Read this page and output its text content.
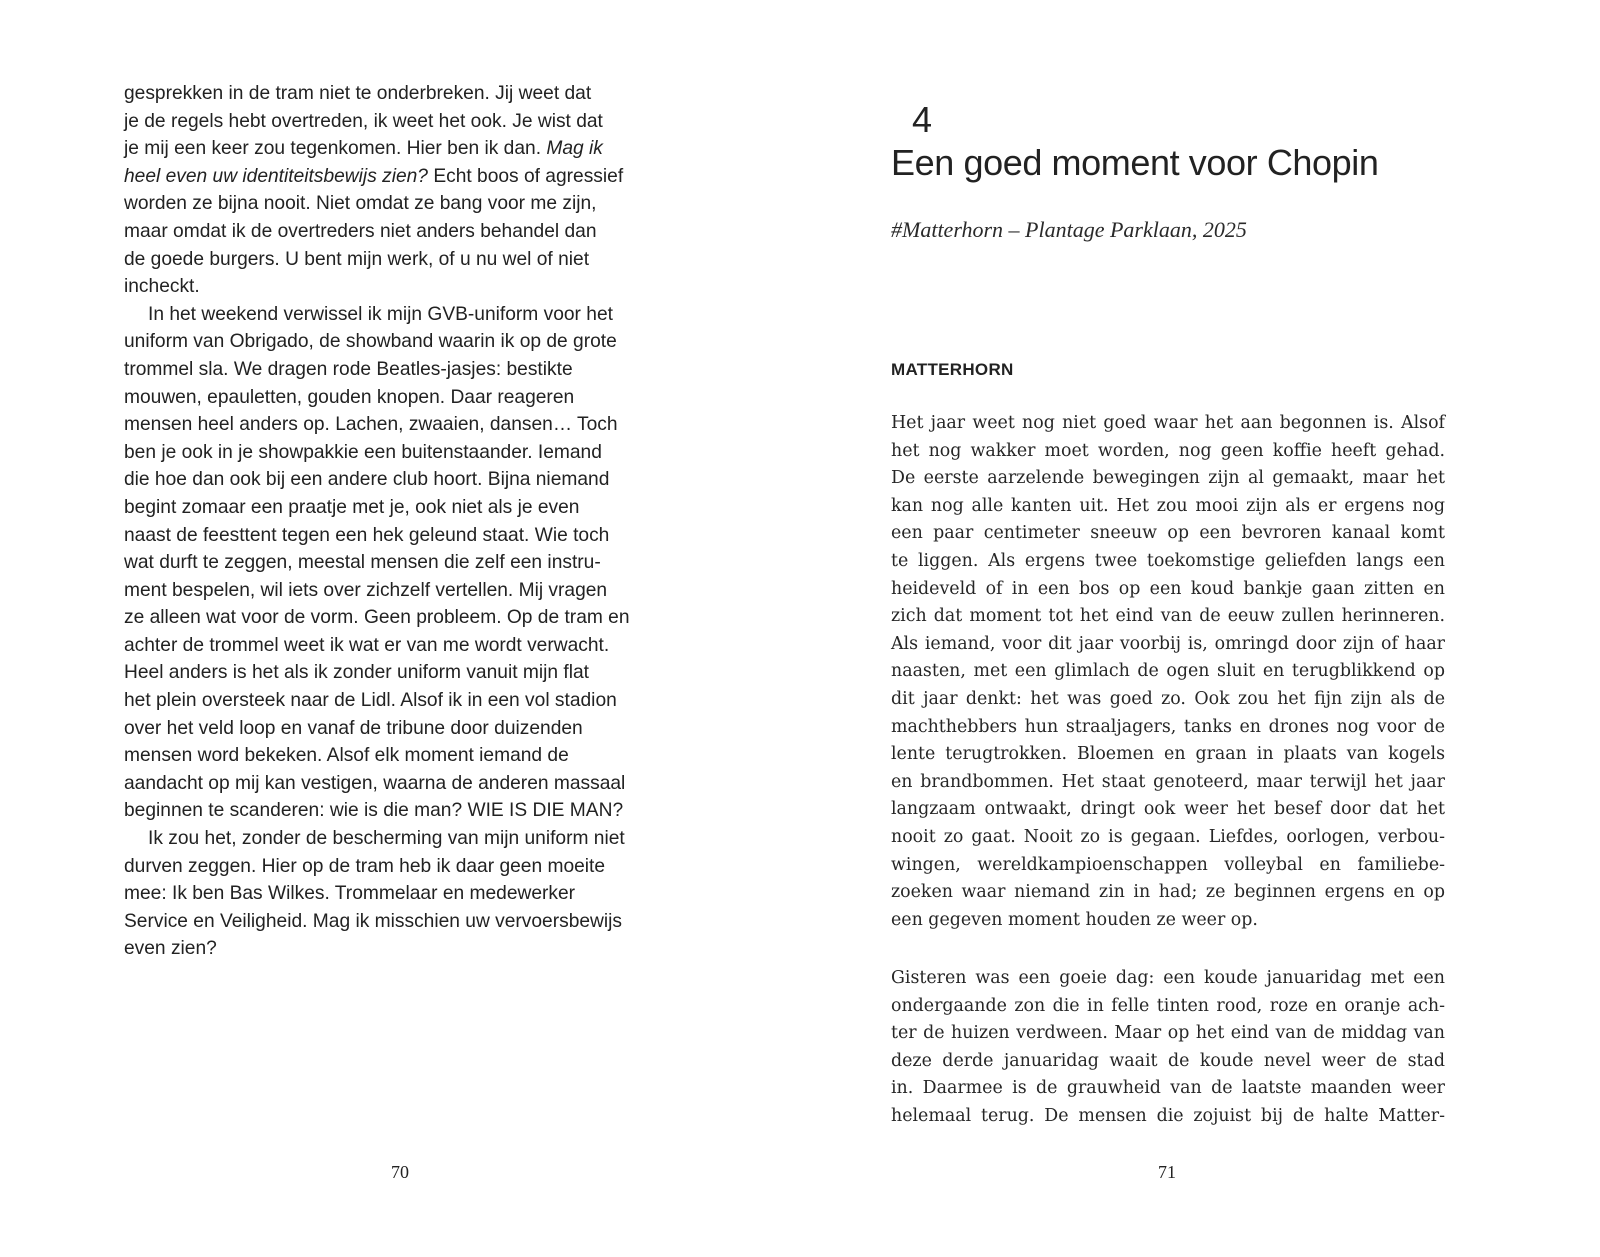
gesprekken in de tram niet te onderbreken. Jij weet dat
je de regels hebt overtreden, ik weet het ook. Je wist dat
je mij een keer zou tegenkomen. Hier ben ik dan. Mag ik
heel even uw identiteitsbewijs zien? Echt boos of agressief
worden ze bijna nooit. Niet omdat ze bang voor me zijn,
maar omdat ik de overtreders niet anders behandel dan
de goede burgers. U bent mijn werk, of u nu wel of niet
incheckt.
In het weekend verwissel ik mijn GVB-uniform voor het
uniform van Obrigado, de showband waarin ik op de grote
trommel sla. We dragen rode Beatles-jasjes: bestikte
mouwen, epauletten, gouden knopen. Daar reageren
mensen heel anders op. Lachen, zwaaien, dansen… Toch
ben je ook in je showpakkie een buitenstaander. Iemand
die hoe dan ook bij een andere club hoort. Bijna niemand
begint zomaar een praatje met je, ook niet als je even
naast de feesttent tegen een hek geleund staat. Wie toch
wat durft te zeggen, meestal mensen die zelf een instru-
ment bespelen, wil iets over zichzelf vertellen. Mij vragen
ze alleen wat voor de vorm. Geen probleem. Op de tram en
achter de trommel weet ik wat er van me wordt verwacht.
Heel anders is het als ik zonder uniform vanuit mijn flat
het plein oversteek naar de Lidl. Alsof ik in een vol stadion
over het veld loop en vanaf de tribune door duizenden
mensen word bekeken. Alsof elk moment iemand de
aandacht op mij kan vestigen, waarna de anderen massaal
beginnen te scanderen: wie is die man? WIE IS DIE MAN?
Ik zou het, zonder de bescherming van mijn uniform niet
durven zeggen. Hier op de tram heb ik daar geen moeite
mee: Ik ben Bas Wilkes. Trommelaar en medewerker
Service en Veiligheid. Mag ik misschien uw vervoersbewijs
even zien?
70
4
Een goed moment voor Chopin
#Matterhorn – Plantage Parklaan, 2025
MATTERHORN
Het jaar weet nog niet goed waar het aan begonnen is. Alsof
het nog wakker moet worden, nog geen koffie heeft gehad.
De eerste aarzelende bewegingen zijn al gemaakt, maar het
kan nog alle kanten uit. Het zou mooi zijn als er ergens nog
een paar centimeter sneeuw op een bevroren kanaal komt
te liggen. Als ergens twee toekomstige geliefden langs een
heideveld of in een bos op een koud bankje gaan zitten en
zich dat moment tot het eind van de eeuw zullen herinneren.
Als iemand, voor dit jaar voorbij is, omringd door zijn of haar
naasten, met een glimlach de ogen sluit en terugblikkend op
dit jaar denkt: het was goed zo. Ook zou het fijn zijn als de
machthebbers hun straaljagers, tanks en drones nog voor de
lente terugtrokken. Bloemen en graan in plaats van kogels
en brandbommen. Het staat genoteerd, maar terwijl het jaar
langzaam ontwaakt, dringt ook weer het besef door dat het
nooit zo gaat. Nooit zo is gegaan. Liefdes, oorlogen, verbou-
wingen, wereldkampioenschappen volleybal en familiebe-
zoeken waar niemand zin in had; ze beginnen ergens en op
een gegeven moment houden ze weer op.
Gisteren was een goeie dag: een koude januaridag met een
ondergaande zon die in felle tinten rood, roze en oranje ach-
ter de huizen verdween. Maar op het eind van de middag van
deze derde januaridag waait de koude nevel weer de stad
in. Daarmee is de grauwheid van de laatste maanden weer
helemaal terug. De mensen die zojuist bij de halte Matter-
71
